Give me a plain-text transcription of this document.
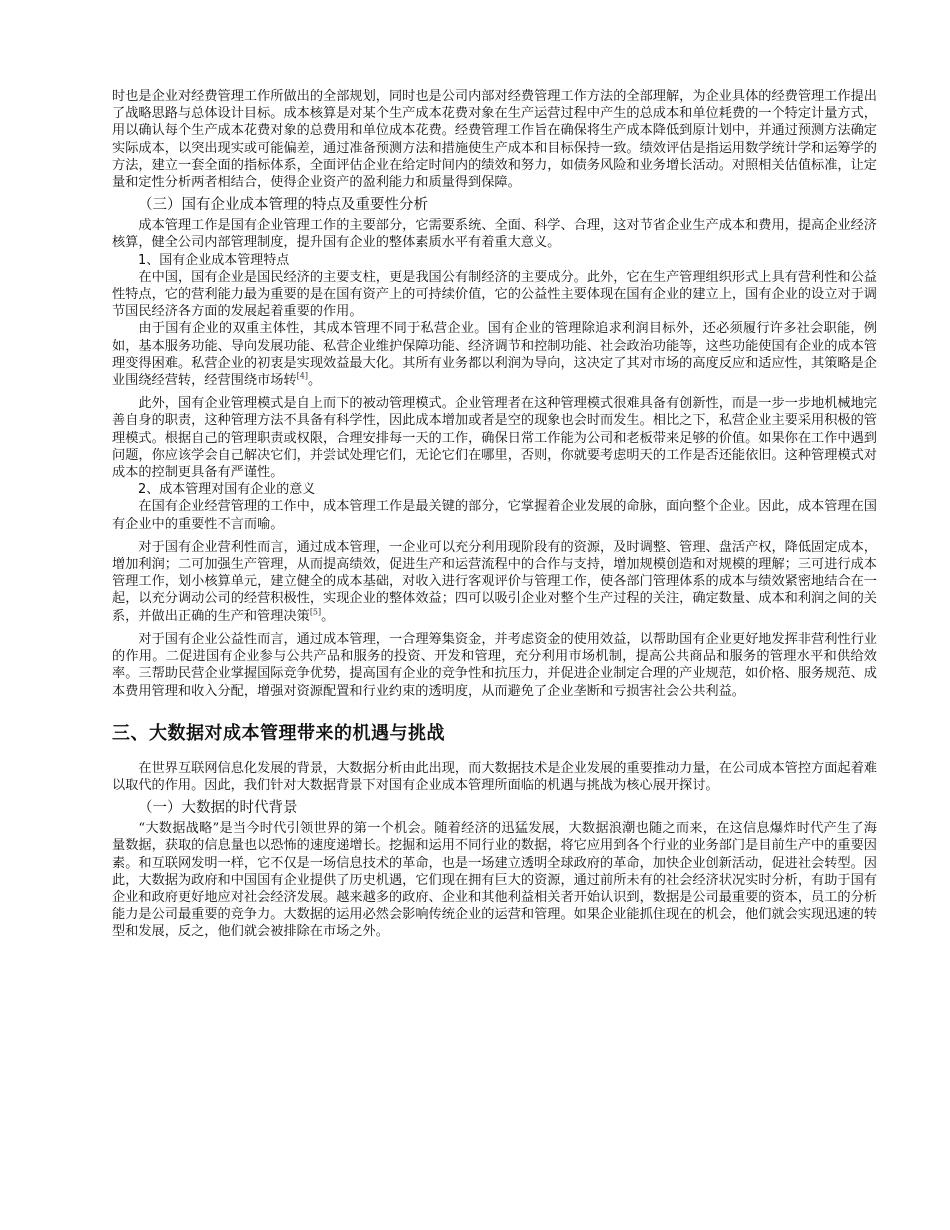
时也是企业对经费管理工作所做出的全部规划，同时也是公司内部对经费管理工作方法的全部理解，为企业具体的经费管理工作提出了战略思路与总体设计目标。成本核算是对某个生产成本花费对象在生产运营过程中产生的总成本和单位耗费的一个特定计量方式，用以确认每个生产成本花费对象的总费用和单位成本花费。经费管理工作旨在确保将生产成本降低到原计划中，并通过预测方法确定实际成本，以突出现实或可能偏差，通过准备预测方法和措施使生产成本和目标保持一致。绩效评估是指运用数学统计学和运筹学的方法，建立一套全面的指标体系，全面评估企业在给定时间内的绩效和努力，如债务风险和业务增长活动。对照相关估值标准，让定量和定性分析两者相结合，使得企业资产的盈利能力和质量得到保障。

（三）国有企业成本管理的特点及重要性分析

成本管理工作是国有企业管理工作的主要部分，它需要系统、全面、科学、合理，这对节省企业生产成本和费用，提高企业经济核算，健全公司内部管理制度，提升国有企业的整体素质水平有着重大意义。

1、国有企业成本管理特点

在中国，国有企业是国民经济的主要支柱，更是我国公有制经济的主要成分。此外，它在生产管理组织形式上具有营利性和公益性特点，它的营利能力最为重要的是在国有资产上的可持续价值，它的公益性主要体现在国有企业的建立上，国有企业的设立对于调节国民经济各方面的发展起着重要的作用。

由于国有企业的双重主体性，其成本管理不同于私营企业。国有企业的管理除追求利润目标外，还必须履行许多社会职能，例如，基本服务功能、导向发展功能、私营企业维护保障功能、经济调节和控制功能、社会政治功能等，这些功能使国有企业的成本管理变得困难。私营企业的初衷是实现效益最大化。其所有业务都以利润为导向，这决定了其对市场的高度反应和适应性，其策略是企业围绕经营转，经营围绕市场转[4]。

此外，国有企业管理模式是自上而下的被动管理模式。企业管理者在这种管理模式很难具备有创新性，而是一步一步地机械地完善自身的职责，这种管理方法不具备有科学性，因此成本增加或者是空的现象也会时而发生。相比之下，私营企业主要采用积极的管理模式。根据自己的管理职责或权限，合理安排每一天的工作，确保日常工作能为公司和老板带来足够的价值。如果你在工作中遇到问题，你应该学会自己解决它们，并尝试处理它们，无论它们在哪里，否则，你就要考虑明天的工作是否还能依旧。这种管理模式对成本的控制更具备有严谨性。

2、成本管理对国有企业的意义

在国有企业经营管理的工作中，成本管理工作是最关键的部分，它掌握着企业发展的命脉，面向整个企业。因此，成本管理在国有企业中的重要性不言而喻。

对于国有企业营利性而言，通过成本管理，一企业可以充分利用现阶段有的资源，及时调整、管理、盘活产权，降低固定成本，增加利润；二可加强生产管理，从而提高绩效，促进生产和运营流程中的合作与支持，增加规模创造和对规模的理解；三可进行成本管理工作，划小核算单元，建立健全的成本基础，对收入进行客观评价与管理工作，使各部门管理体系的成本与绩效紧密地结合在一起，以充分调动公司的经营积极性，实现企业的整体效益；四可以吸引企业对整个生产过程的关注，确定数量、成本和利润之间的关系，并做出正确的生产和管理决策[5]。

对于国有企业公益性而言，通过成本管理，一合理筹集资金，并考虑资金的使用效益，以帮助国有企业更好地发挥非营利性行业的作用。二促进国有企业参与公共产品和服务的投资、开发和管理，充分利用市场机制，提高公共商品和服务的管理水平和供给效率。三帮助民营企业掌握国际竞争优势，提高国有企业的竞争性和抗压力，并促进企业制定合理的产业规范，如价格、服务规范、成本费用管理和收入分配，增强对资源配置和行业约束的透明度，从而避免了企业垄断和亏损害社会公共利益。

三、大数据对成本管理带来的机遇与挑战

在世界互联网信息化发展的背景，大数据分析由此出现，而大数据技术是企业发展的重要推动力量，在公司成本管控方面起着难以取代的作用。因此，我们针对大数据背景下对国有企业成本管理所面临的机遇与挑战为核心展开探讨。

（一）大数据的时代背景

“大数据战略”是当今时代引领世界的第一个机会。随着经济的迅猛发展，大数据浪潮也随之而来，在这信息爆炸时代产生了海量数据，获取的信息量也以恐怖的速度递增长。挖掘和运用不同行业的数据，将它应用到各个行业的业务部门是目前生产中的重要因素。和互联网发明一样，它不仅是一场信息技术的革命，也是一场建立透明全球政府的革命，加快企业创新活动，促进社会转型。因此，大数据为政府和中国国有企业提供了历史机遇，它们现在拥有巨大的资源，通过前所未有的社会经济状况实时分析，有助于国有企业和政府更好地应对社会经济发展。越来越多的政府、企业和其他利益相关者开始认识到，数据是公司最重要的资本，员工的分析能力是公司最重要的竞争力。大数据的运用必然会影响传统企业的运营和管理。如果企业能抓住现在的机会，他们就会实现迅速的转型和发展，反之，他们就会被排除在市场之外。
